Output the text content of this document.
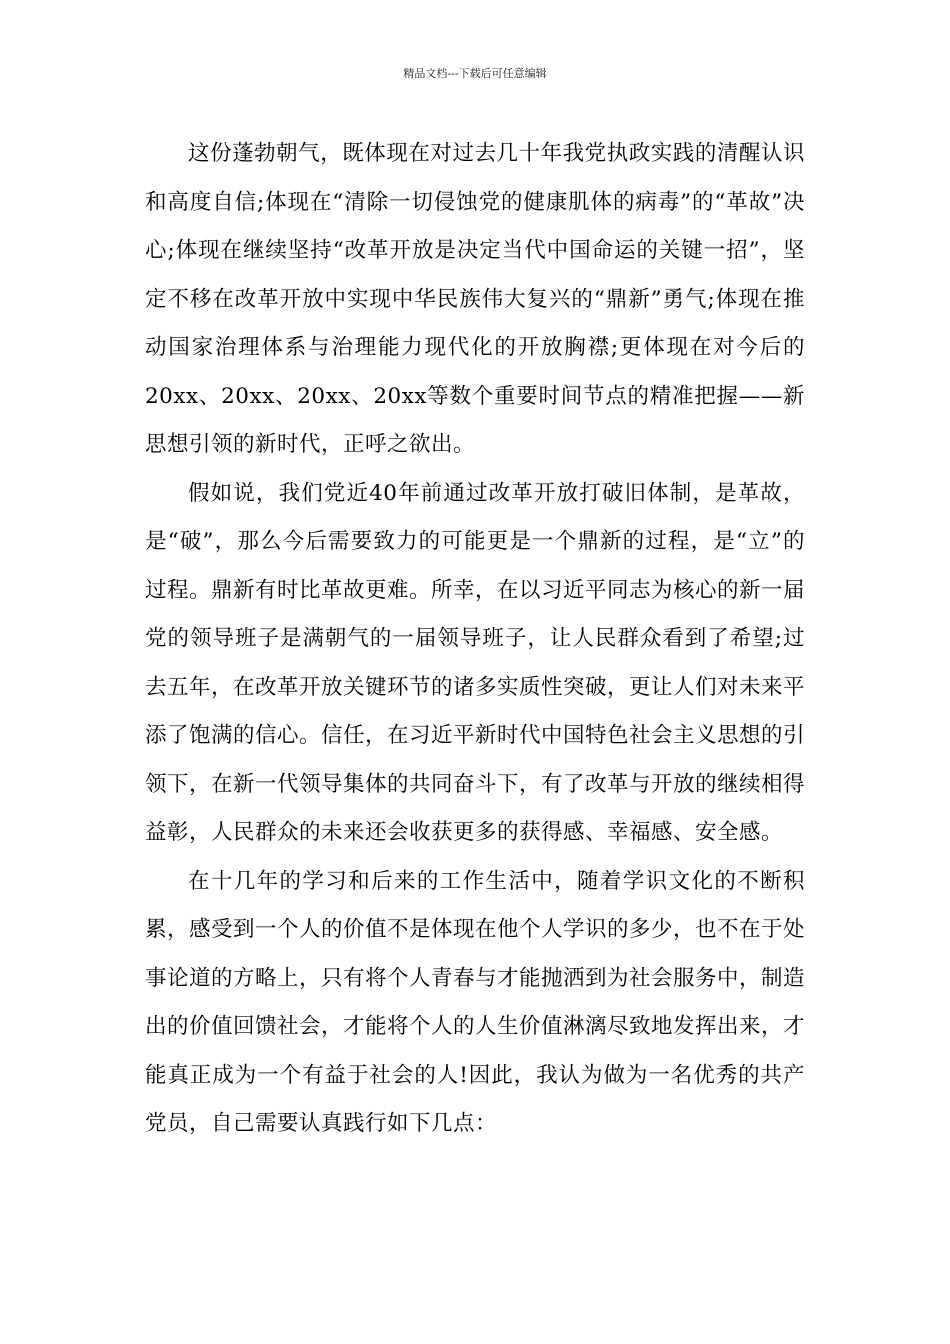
精品文档---下载后可任意编辑

这份蓬勃朝气，既体现在对过去几十年我党执政实践的清醒认识和高度自信;体现在“清除一切侵蚀党的健康肌体的病毒”的“革故”决心;体现在继续坚持“改革开放是决定当代中国命运的关键一招”，坚定不移在改革开放中实现中华民族伟大复兴的“鼎新”勇气;体现在推动国家治理体系与治理能力现代化的开放胸襟;更体现在对今后的20xx、20xx、20xx、20xx等数个重要时间节点的精准把握——新思想引领的新时代，正呼之欲出。

假如说，我们党近40年前通过改革开放打破旧体制，是革故，是“破”，那么今后需要致力的可能更是一个鼎新的过程，是“立”的过程。鼎新有时比革故更难。所幸，在以习近平同志为核心的新一届党的领导班子是满朝气的一届领导班子，让人民群众看到了希望;过去五年，在改革开放关键环节的诸多实质性突破，更让人们对未来平添了饱满的信心。信任，在习近平新时代中国特色社会主义思想的引领下，在新一代领导集体的共同奋斗下，有了改革与开放的继续相得益彰，人民群众的未来还会收获更多的获得感、幸福感、安全感。

在十几年的学习和后来的工作生活中，随着学识文化的不断积累，感受到一个人的价值不是体现在他个人学识的多少，也不在于处事论道的方略上，只有将个人青春与才能抛洒到为社会服务中，制造出的价值回馈社会，才能将个人的人生价值淋漓尽致地发挥出来，才能真正成为一个有益于社会的人!因此，我认为做为一名优秀的共产党员，自己需要认真践行如下几点：
